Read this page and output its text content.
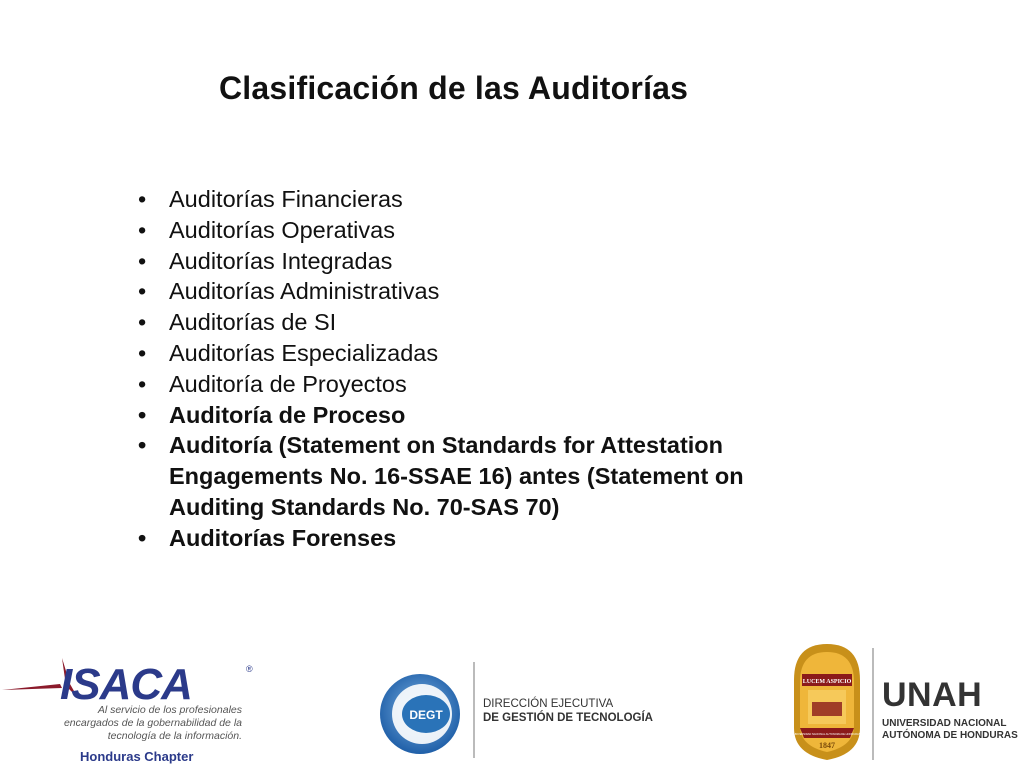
Clasificación de las Auditorías
• Auditorías Financieras
• Auditorías Operativas
• Auditorías Integradas
• Auditorías Administrativas
• Auditorías de SI
• Auditorías Especializadas
• Auditoría de Proyectos
• Auditoría de Proceso
• Auditoría (Statement on Standards for Attestation Engagements No. 16-SSAE 16) antes (Statement on Auditing Standards No. 70-SAS 70)
• Auditorías Forenses
ISACA	®
Al servicio de los profesionales
encargados de la gobernabilidad de la
tecnología de la información.
Honduras Chapter
DEGT
DIRECCIÓN EJECUTIVA
DE GESTIÓN DE TECNOLOGÍA
LUCEM ASPICIO
UNIVERSIDAD NACIONAL AUTONOMA DE HONDURAS
1847
UNAH
UNIVERSIDAD NACIONAL
AUTÓNOMA DE HONDURAS
